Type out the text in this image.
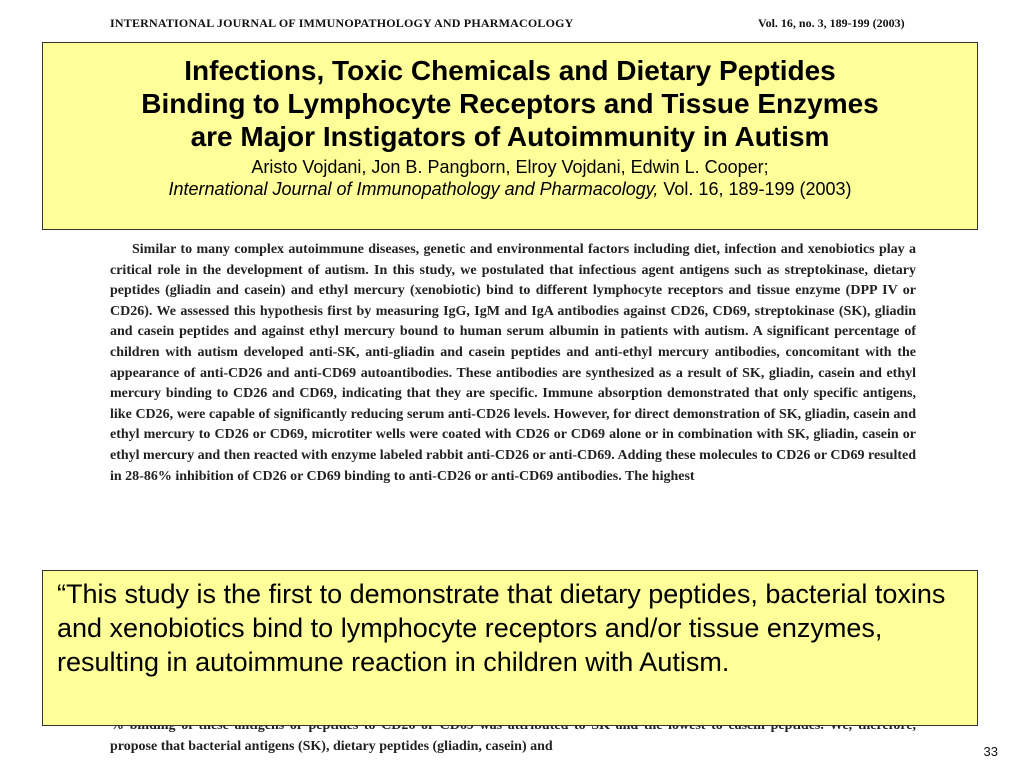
INTERNATIONAL JOURNAL OF IMMUNOPATHOLOGY AND PHARMACOLOGY	Vol. 16, no. 3, 189-199 (2003)
Infections, Toxic Chemicals and Dietary Peptides
Binding to Lymphocyte Receptors and Tissue Enzymes
are Major Instigators of Autoimmunity in Autism
Aristo Vojdani, Jon B. Pangborn, Elroy Vojdani, Edwin L. Cooper;
International Journal of Immunopathology and Pharmacology, Vol. 16, 189-199 (2003)
Similar to many complex autoimmune diseases, genetic and environmental factors including diet, infection and xenobiotics play a critical role in the development of autism. In this study, we postulated that infectious agent antigens such as streptokinase, dietary peptides (gliadin and casein) and ethyl mercury (xenobiotic) bind to different lymphocyte receptors and tissue enzyme (DPP IV or CD26). We assessed this hypothesis first by measuring IgG, IgM and IgA antibodies against CD26, CD69, streptokinase (SK), gliadin and casein peptides and against ethyl mercury bound to human serum albumin in patients with autism. A significant percentage of children with autism developed anti-SK, anti-gliadin and casein peptides and anti-ethyl mercury antibodies, concomitant with the appearance of anti-CD26 and anti-CD69 autoantibodies. These antibodies are synthesized as a result of SK, gliadin, casein and ethyl mercury binding to CD26 and CD69, indicating that they are specific. Immune absorption demonstrated that only specific antigens, like CD26, were capable of significantly reducing serum anti-CD26 levels. However, for direct demonstration of SK, gliadin, casein and ethyl mercury to CD26 or CD69, microtiter wells were coated with CD26 or CD69 alone or in combination with SK, gliadin, casein or ethyl mercury and then reacted with enzyme labeled rabbit anti-CD26 or anti-CD69. Adding these molecules to CD26 or CD69 resulted in 28-86% inhibition of CD26 or CD69 binding to anti-CD26 or anti-CD69 antibodies. The highest
propose that bacterial antigens (SK), dietary peptides (gliadin, casein) and
“This study is the first to demonstrate that dietary peptides, bacterial toxins and xenobiotics bind to lymphocyte receptors and/or tissue enzymes, resulting in autoimmune reaction in children with Autism.
33
